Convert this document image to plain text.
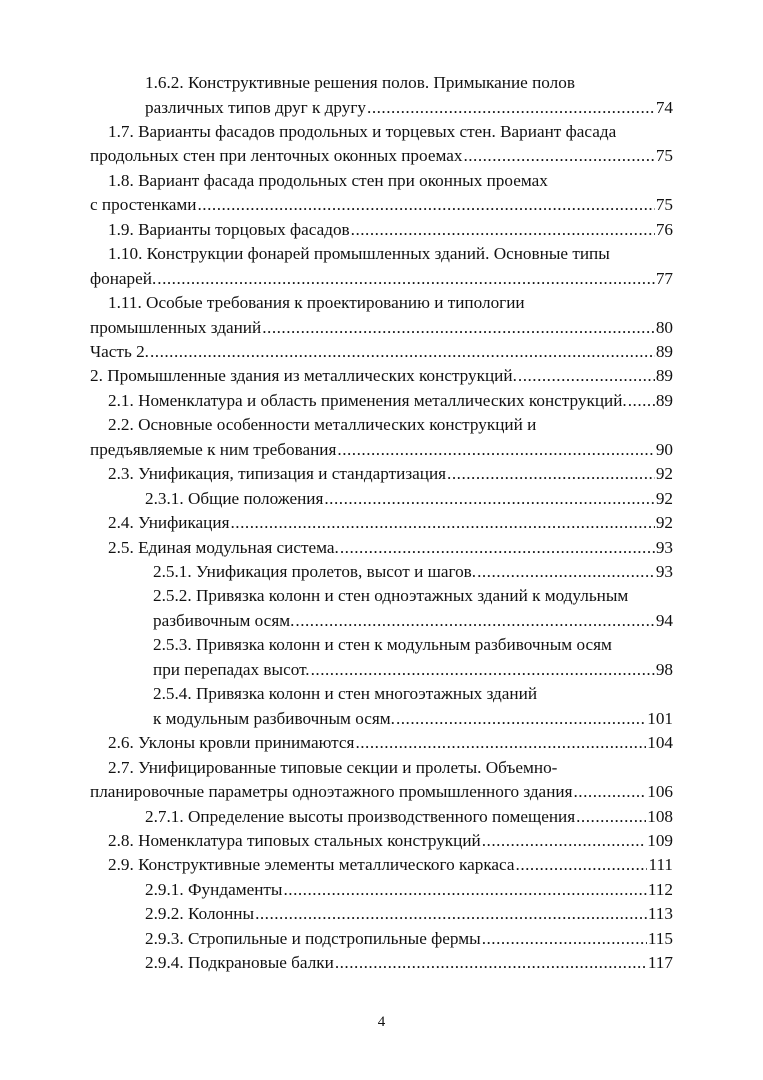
1.6.2. Конструктивные решения полов. Примыкание полов
различных типов друг к другу .....	74
1.7. Варианты фасадов продольных и торцевых стен. Вариант фасада
продольных стен при ленточных оконных проемах .....	75
1.8. Вариант фасада продольных стен при оконных проемах
с простенками .....	75
1.9. Варианты торцовых фасадов .....	76
1.10. Конструкции фонарей промышленных зданий. Основные типы
фонарей. .....	77
1.11. Особые требования к проектированию и типологии
промышленных зданий .....	80
Часть 2. .....	89
2. Промышленные здания из металлических конструкций. .....	89
2.1. Номенклатура и область применения металлических конструкций. ..... 89
2.2. Основные особенности металлических конструкций и
предъявляемые к ним требования .....	90
2.3. Унификация, типизация и стандартизация .....	92
2.3.1. Общие положения .....	92
2.4. Унификация .....	92
2.5. Единая модульная система. .....	93
2.5.1. Унификация пролетов, высот и шагов. .....	93
2.5.2. Привязка колонн и стен одноэтажных зданий к модульным
разбивочным осям. .....	94
2.5.3. Привязка колонн и стен к модульным разбивочным осям
при перепадах высот. .....	98
2.5.4. Привязка колонн и стен многоэтажных зданий
к модульным разбивочным осям. .....	101
2.6. Уклоны кровли принимаются .....	104
2.7. Унифицированные типовые секции и пролеты. Объемно-
планировочные параметры одноэтажного промышленного здания .....	106
2.7.1. Определение высоты производственного помещения .....	108
2.8. Номенклатура типовых стальных конструкций .....	109
2.9. Конструктивные элементы металлического каркаса .....	111
2.9.1. Фундаменты .....	112
2.9.2. Колонны .....	113
2.9.3. Стропильные и подстропильные фермы .....	115
2.9.4. Подкрановые балки .....	117
4
